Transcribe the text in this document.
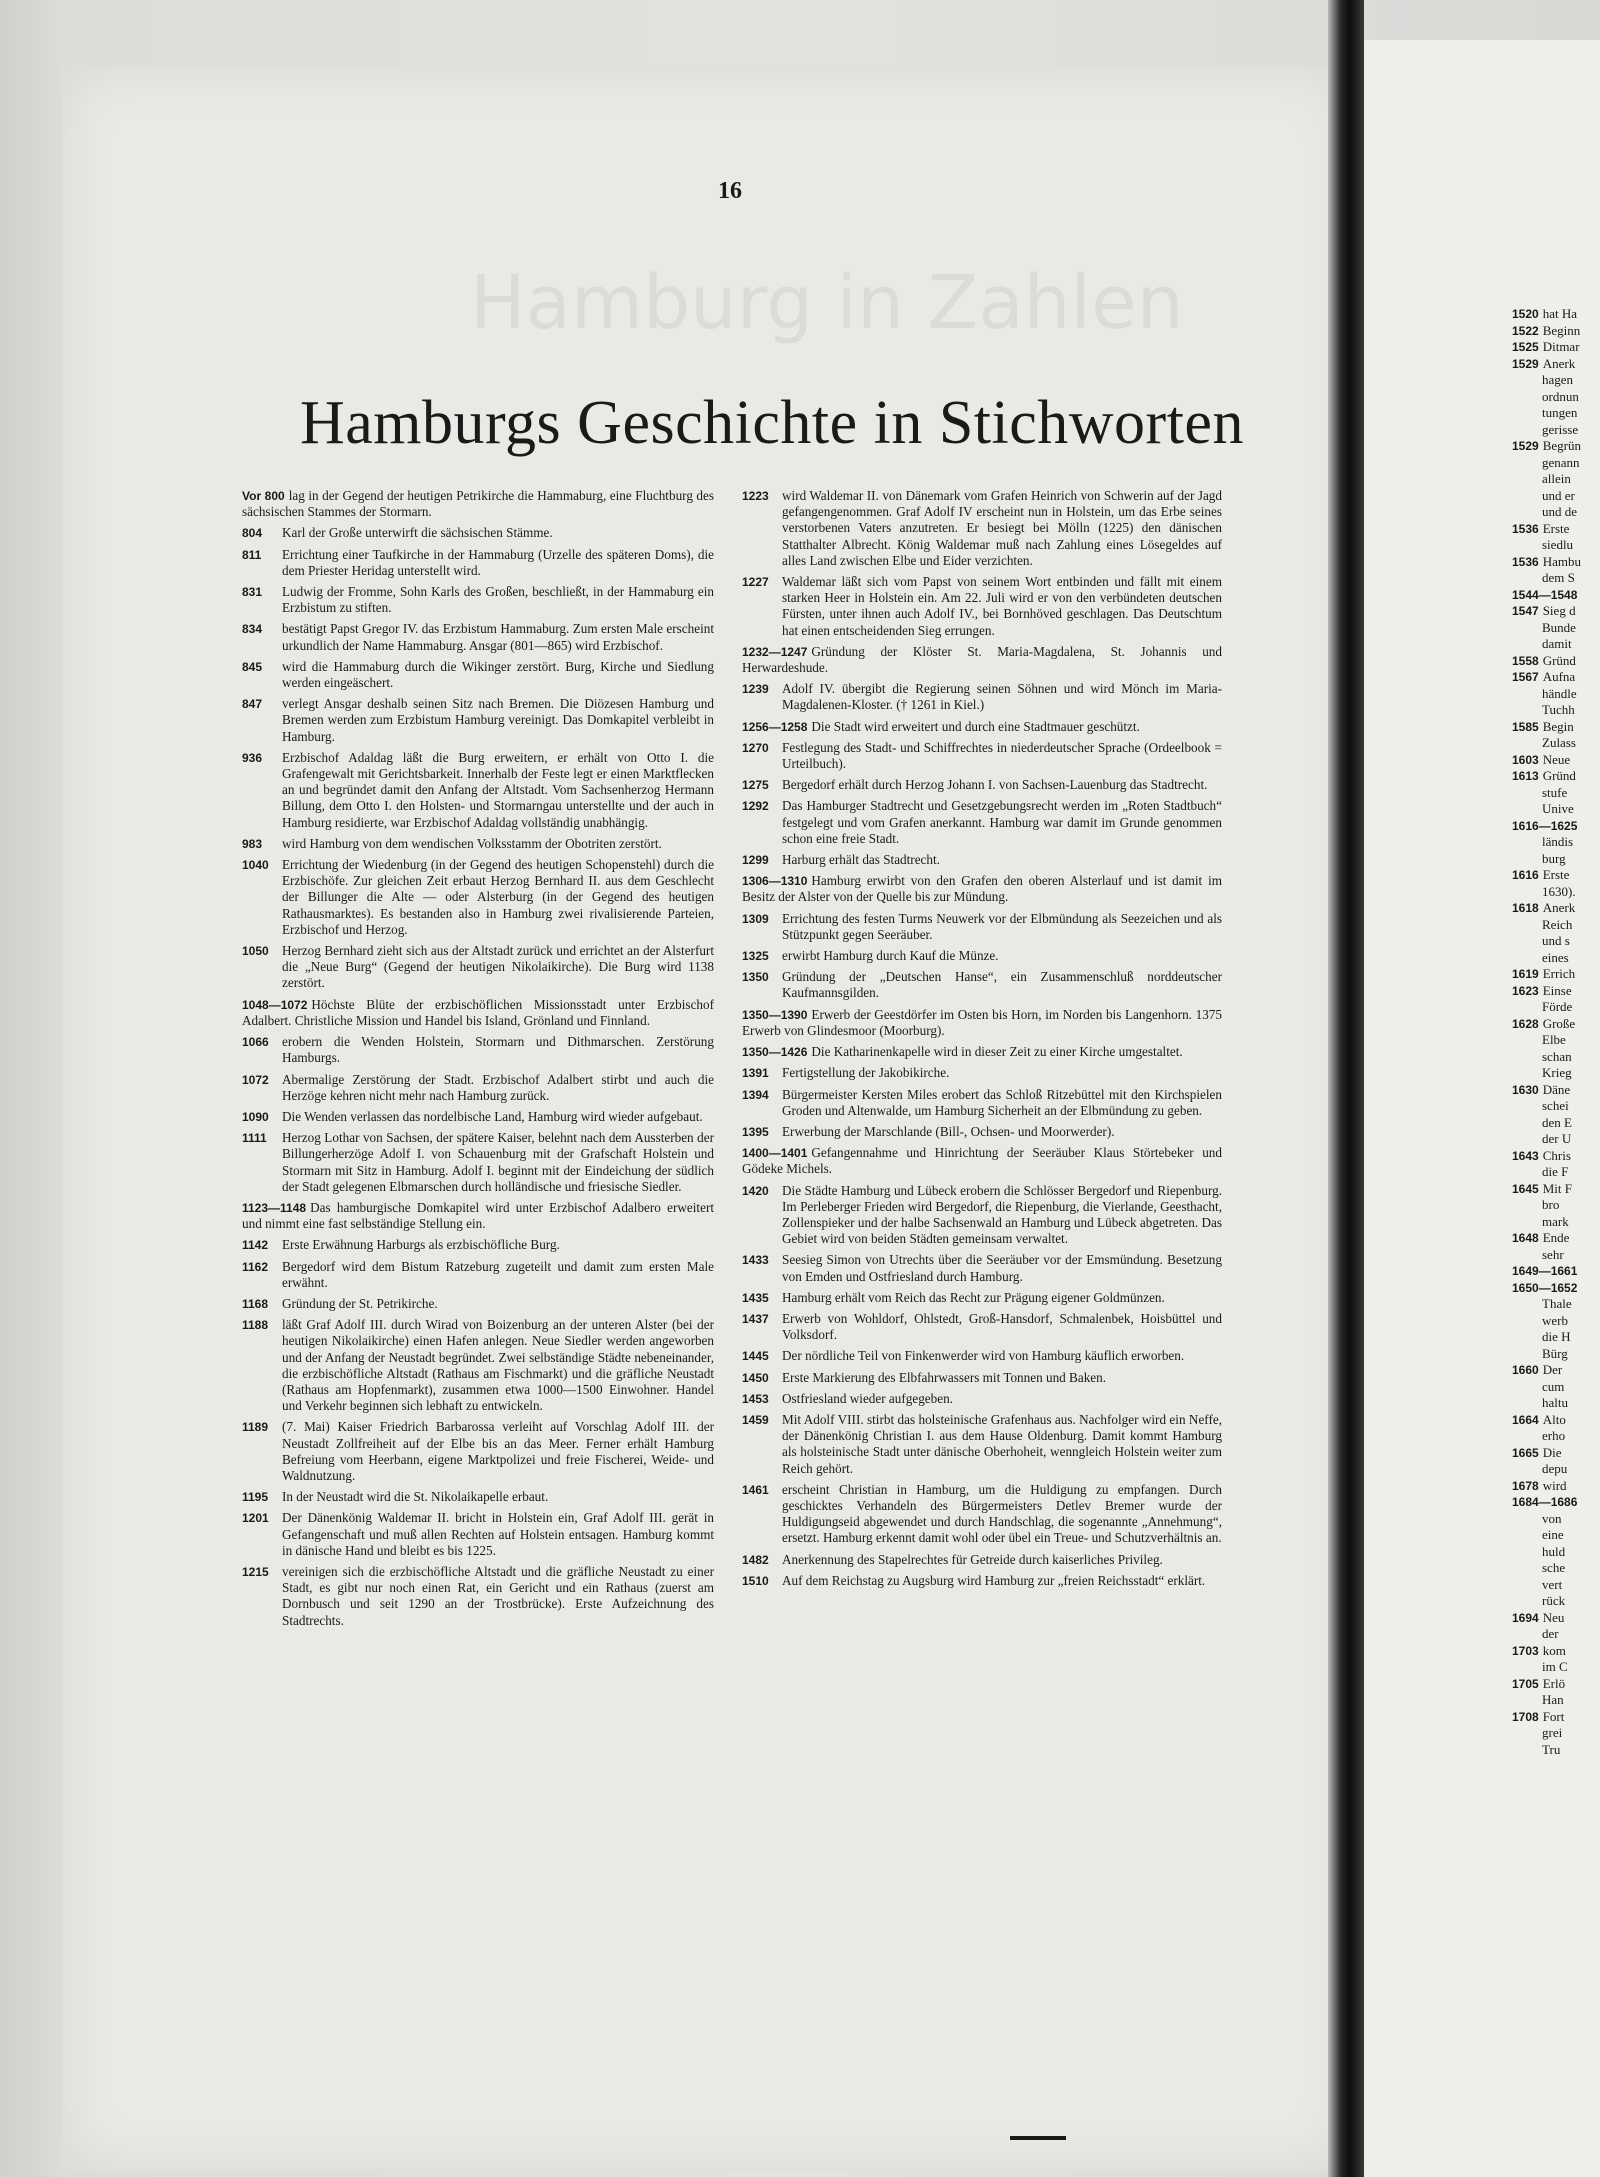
Hamburg in Zahlen
16
Hamburgs Geschichte in Stichworten
Vor 800 lag in der Gegend der heutigen Petrikirche die Hammaburg, eine Fluchtburg des sächsischen Stammes der Stormarn.
804 Karl der Große unterwirft die sächsischen Stämme.
811 Errichtung einer Taufkirche in der Hammaburg (Urzelle des späteren Doms), die dem Priester Heridag unterstellt wird.
831 Ludwig der Fromme, Sohn Karls des Großen, beschließt, in der Hammaburg ein Erzbistum zu stiften.
834 bestätigt Papst Gregor IV. das Erzbistum Hammaburg. Zum ersten Male erscheint urkundlich der Name Hammaburg. Ansgar (801—865) wird Erzbischof.
845 wird die Hammaburg durch die Wikinger zerstört. Burg, Kirche und Siedlung werden eingeäschert.
847 verlegt Ansgar deshalb seinen Sitz nach Bremen. Die Diözesen Hamburg und Bremen werden zum Erzbistum Hamburg vereinigt. Das Domkapitel verbleibt in Hamburg.
936 Erzbischof Adaldag läßt die Burg erweitern, er erhält von Otto I. die Grafengewalt mit Gerichtsbarkeit. Innerhalb der Feste legt er einen Marktflecken an und begründet damit den Anfang der Altstadt. Vom Sachsenherzog Hermann Billung, dem Otto I. den Holsten- und Stormarngau unterstellte und der auch in Hamburg residierte, war Erzbischof Adaldag vollständig unabhängig.
983 wird Hamburg von dem wendischen Volksstamm der Obotriten zerstört.
1040 Errichtung der Wiedenburg (in der Gegend des heutigen Schopenstehl) durch die Erzbischöfe. Zur gleichen Zeit erbaut Herzog Bernhard II. aus dem Geschlecht der Billunger die Alte — oder Alsterburg (in der Gegend des heutigen Rathausmarktes). Es bestanden also in Hamburg zwei rivalisierende Parteien, Erzbischof und Herzog.
1050 Herzog Bernhard zieht sich aus der Altstadt zurück und errichtet an der Alsterfurt die „Neue Burg“ (Gegend der heutigen Nikolaikirche). Die Burg wird 1138 zerstört.
1048—1072 Höchste Blüte der erzbischöflichen Missionsstadt unter Erzbischof Adalbert. Christliche Mission und Handel bis Island, Grönland und Finnland.
1066 erobern die Wenden Holstein, Stormarn und Dithmarschen. Zerstörung Hamburgs.
1072 Abermalige Zerstörung der Stadt. Erzbischof Adalbert stirbt und auch die Herzöge kehren nicht mehr nach Hamburg zurück.
1090 Die Wenden verlassen das nordelbische Land, Hamburg wird wieder aufgebaut.
1111 Herzog Lothar von Sachsen, der spätere Kaiser, belehnt nach dem Aussterben der Billungerherzöge Adolf I. von Schauenburg mit der Grafschaft Holstein und Stormarn mit Sitz in Hamburg. Adolf I. beginnt mit der Eindeichung der südlich der Stadt gelegenen Elbmarschen durch holländische und friesische Siedler.
1123—1148 Das hamburgische Domkapitel wird unter Erzbischof Adalbero erweitert und nimmt eine fast selbständige Stellung ein.
1142 Erste Erwähnung Harburgs als erzbischöfliche Burg.
1162 Bergedorf wird dem Bistum Ratzeburg zugeteilt und damit zum ersten Male erwähnt.
1168 Gründung der St. Petrikirche.
1188 läßt Graf Adolf III. durch Wirad von Boizenburg an der unteren Alster (bei der heutigen Nikolaikirche) einen Hafen anlegen. Neue Siedler werden angeworben und der Anfang der Neustadt begründet. Zwei selbständige Städte nebeneinander, die erzbischöfliche Altstadt (Rathaus am Fischmarkt) und die gräfliche Neustadt (Rathaus am Hopfenmarkt), zusammen etwa 1000—1500 Einwohner. Handel und Verkehr beginnen sich lebhaft zu entwickeln.
1189 (7. Mai) Kaiser Friedrich Barbarossa verleiht auf Vorschlag Adolf III. der Neustadt Zollfreiheit auf der Elbe bis an das Meer. Ferner erhält Hamburg Befreiung vom Heerbann, eigene Marktpolizei und freie Fischerei, Weide- und Waldnutzung.
1195 In der Neustadt wird die St. Nikolaikapelle erbaut.
1201 Der Dänenkönig Waldemar II. bricht in Holstein ein, Graf Adolf III. gerät in Gefangenschaft und muß allen Rechten auf Holstein entsagen. Hamburg kommt in dänische Hand und bleibt es bis 1225.
1215 vereinigen sich die erzbischöfliche Altstadt und die gräfliche Neustadt zu einer Stadt, es gibt nur noch einen Rat, ein Gericht und ein Rathaus (zuerst am Dornbusch und seit 1290 an der Trostbrücke). Erste Aufzeichnung des Stadtrechts.
1223 wird Waldemar II. von Dänemark vom Grafen Heinrich von Schwerin auf der Jagd gefangengenommen. Graf Adolf IV erscheint nun in Holstein, um das Erbe seines verstorbenen Vaters anzutreten. Er besiegt bei Mölln (1225) den dänischen Statthalter Albrecht. König Waldemar muß nach Zahlung eines Lösegeldes auf alles Land zwischen Elbe und Eider verzichten.
1227 Waldemar läßt sich vom Papst von seinem Wort entbinden und fällt mit einem starken Heer in Holstein ein. Am 22. Juli wird er von den verbündeten deutschen Fürsten, unter ihnen auch Adolf IV., bei Bornhöved geschlagen. Das Deutschtum hat einen entscheidenden Sieg errungen.
1232—1247 Gründung der Klöster St. Maria-Magdalena, St. Johannis und Herwardeshude.
1239 Adolf IV. übergibt die Regierung seinen Söhnen und wird Mönch im Maria-Magdalenen-Kloster. († 1261 in Kiel.)
1256—1258 Die Stadt wird erweitert und durch eine Stadtmauer geschützt.
1270 Festlegung des Stadt- und Schiffrechtes in niederdeutscher Sprache (Ordeelbook = Urteilbuch).
1275 Bergedorf erhält durch Herzog Johann I. von Sachsen-Lauenburg das Stadtrecht.
1292 Das Hamburger Stadtrecht und Gesetzgebungsrecht werden im „Roten Stadtbuch“ festgelegt und vom Grafen anerkannt. Hamburg war damit im Grunde genommen schon eine freie Stadt.
1299 Harburg erhält das Stadtrecht.
1306—1310 Hamburg erwirbt von den Grafen den oberen Alsterlauf und ist damit im Besitz der Alster von der Quelle bis zur Mündung.
1309 Errichtung des festen Turms Neuwerk vor der Elbmündung als Seezeichen und als Stützpunkt gegen Seeräuber.
1325 erwirbt Hamburg durch Kauf die Münze.
1350 Gründung der „Deutschen Hanse“, ein Zusammenschluß norddeutscher Kaufmannsgilden.
1350—1390 Erwerb der Geestdörfer im Osten bis Horn, im Norden bis Langenhorn. 1375 Erwerb von Glindesmoor (Moorburg).
1350—1426 Die Katharinenkapelle wird in dieser Zeit zu einer Kirche umgestaltet.
1391 Fertigstellung der Jakobikirche.
1394 Bürgermeister Kersten Miles erobert das Schloß Ritzebüttel mit den Kirchspielen Groden und Altenwalde, um Hamburg Sicherheit an der Elbmündung zu geben.
1395 Erwerbung der Marschlande (Bill-, Ochsen- und Moorwerder).
1400—1401 Gefangennahme und Hinrichtung der Seeräuber Klaus Störtebeker und Gödeke Michels.
1420 Die Städte Hamburg und Lübeck erobern die Schlösser Bergedorf und Riepenburg. Im Perleberger Frieden wird Bergedorf, die Riepenburg, die Vierlande, Geesthacht, Zollenspieker und der halbe Sachsenwald an Hamburg und Lübeck abgetreten. Das Gebiet wird von beiden Städten gemeinsam verwaltet.
1433 Seesieg Simon von Utrechts über die Seeräuber vor der Emsmündung. Besetzung von Emden und Ostfriesland durch Hamburg.
1435 Hamburg erhält vom Reich das Recht zur Prägung eigener Goldmünzen.
1437 Erwerb von Wohldorf, Ohlstedt, Groß-Hansdorf, Schmalenbek, Hoisbüttel und Volksdorf.
1445 Der nördliche Teil von Finkenwerder wird von Hamburg käuflich erworben.
1450 Erste Markierung des Elbfahrwassers mit Tonnen und Baken.
1453 Ostfriesland wieder aufgegeben.
1459 Mit Adolf VIII. stirbt das holsteinische Grafenhaus aus. Nachfolger wird ein Neffe, der Dänenkönig Christian I. aus dem Hause Oldenburg. Damit kommt Hamburg als holsteinische Stadt unter dänische Oberhoheit, wenngleich Holstein weiter zum Reich gehört.
1461 erscheint Christian in Hamburg, um die Huldigung zu empfangen. Durch geschicktes Verhandeln des Bürgermeisters Detlev Bremer wurde der Huldigungseid abgewendet und durch Handschlag, die sogenannte „Annehmung“, ersetzt. Hamburg erkennt damit wohl oder übel ein Treue- und Schutzverhältnis an.
1482 Anerkennung des Stapelrechtes für Getreide durch kaiserliches Privileg.
1510 Auf dem Reichstag zu Augsburg wird Hamburg zur „freien Reichsstadt“ erklärt.
1520 hat Ha
1522 Beginn
1525 Ditmar
1529 Anerk
hagen
ordnun
tungen
gerisse
1529 Begrün
genann
allein
und er
und de
1536 Erste
siedlu
1536 Hambu
dem S
1544—1548
1547 Sieg d
Bunde
damit
1558 Gründ
1567 Aufna
händle
Tuchh
1585 Begin
Zulass
1603 Neue
1613 Gründ
stufe
Unive
1616—1625
ländis
burg
1616 Erste
1630).
1618 Anerk
Reich
und s
eines
1619 Errich
1623 Einse
Förde
1628 Große
Elbe
schan
Krieg
1630 Däne
schei
den E
der U
1643 Chris
die F
1645 Mit F
bro
mark
1648 Ende
sehr
1649—1661
1650—1652
Thale
werb
die H
Bürg
1660 Der
cum
haltu
1664 Alto
erho
1665 Die
depu
1678 wird
1684—1686
von
eine
huld
sche
vert
rück
1694 Neu
der
1703 kom
im C
1705 Erlö
Han
1708 Fort
grei
Tru
